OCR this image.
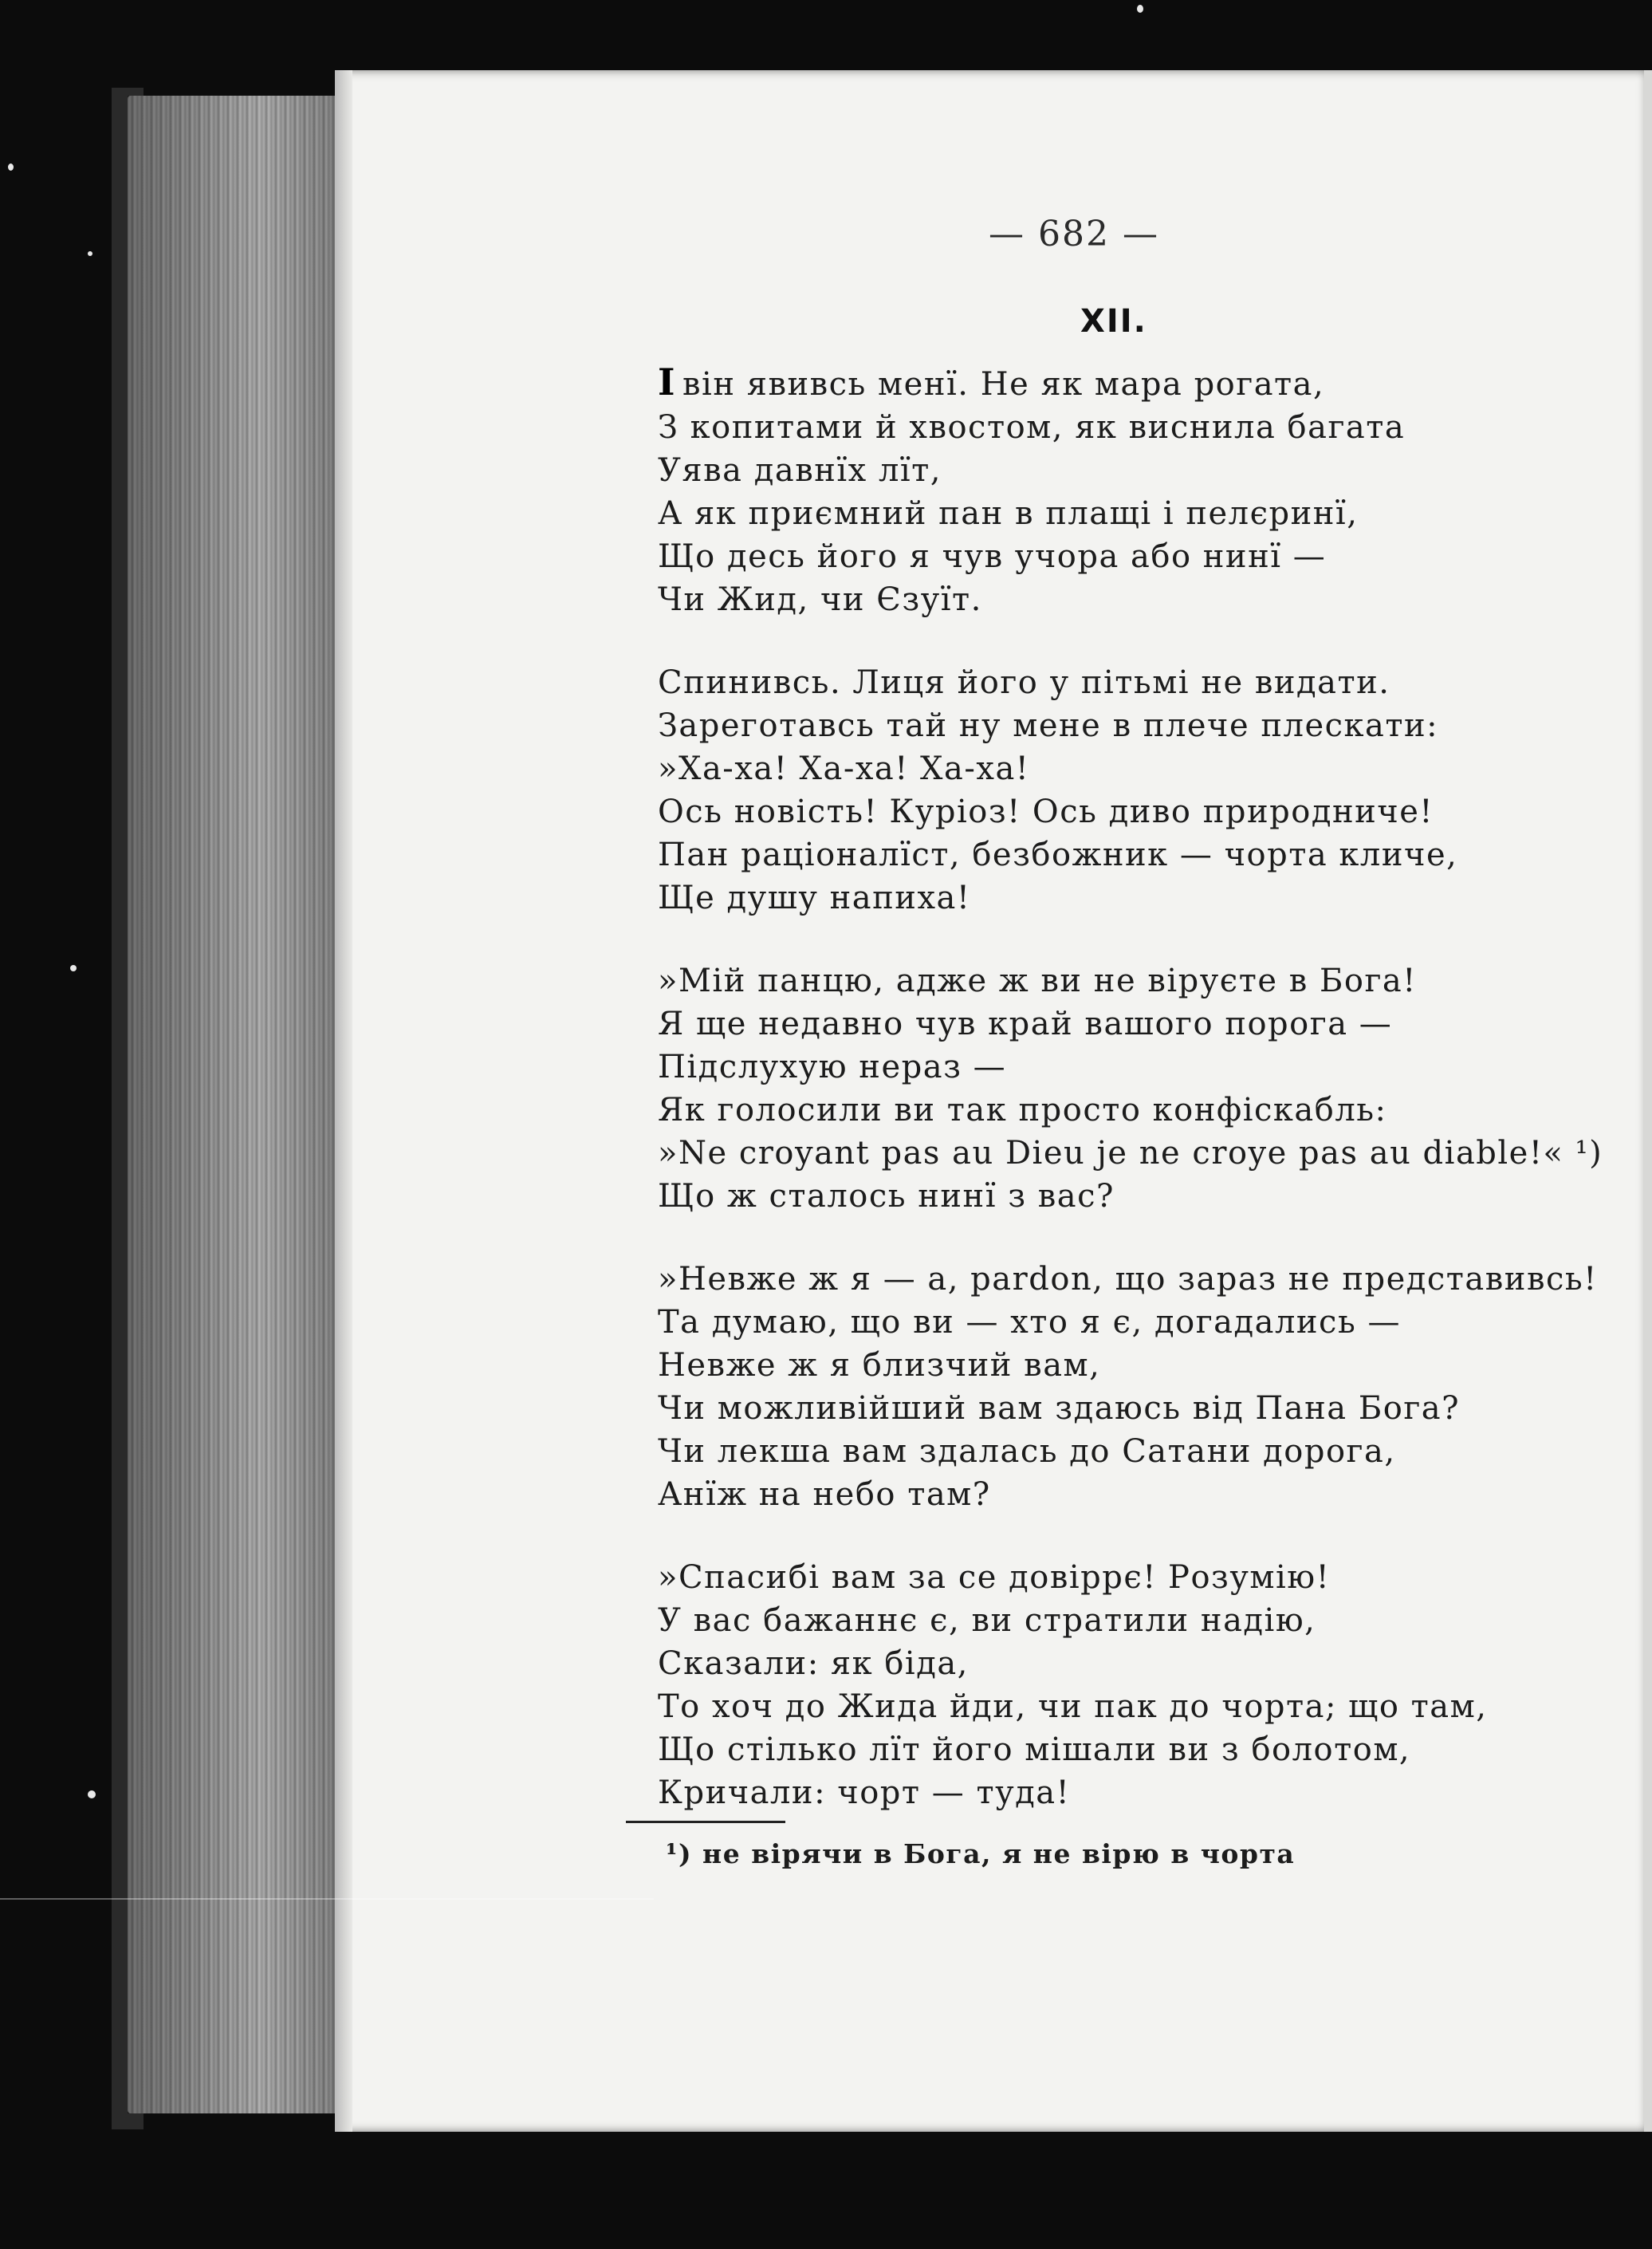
— 682 —
XII.
І він явивсь менї. Не як мара рогата,
З копитами й хвостом, як виснила багата
Уява давнїх лїт,
А як приємний пан в плащі і пелєринї,
Що десь його я чув учора або нинї —
Чи Жид, чи Єзуїт.
Спинивсь. Лиця його у пітьмі не видати.
Зареготавсь тай ну мене в плече плескати:
»Ха-ха! Ха-ха! Ха-ха!
Ось новість! Куріоз! Ось диво природниче!
Пан раціоналїст, безбожник — чорта кличе,
Ще душу напиха!
»Мій панцю, адже ж ви не віруєте в Бога!
Я ще недавно чув край вашого порога —
Підслухую нераз —
Як голосили ви так просто конфіскабль:
»Ne croyant pas au Dieu je ne croye pas au diable!« ¹)
Що ж сталось нинї з вас?
»Невже ж я — а, pardon, що зараз не представивсь!
Та думаю, що ви — хто я є, догадались —
Невже ж я близчий вам,
Чи можливійший вам здаюсь від Пана Бога?
Чи лекша вам здалась до Сатани дорога,
Анїж на небо там?
»Спасибі вам за се довіррє! Розумію!
У вас бажаннє є, ви стратили надію,
Сказали: як біда,
То хоч до Жида йди, чи пак до чорта; що там,
Що стілько лїт його мішали ви з болотом,
Кричали: чорт — туда!
¹) не вірячи в Бога, я не вірю в чорта
